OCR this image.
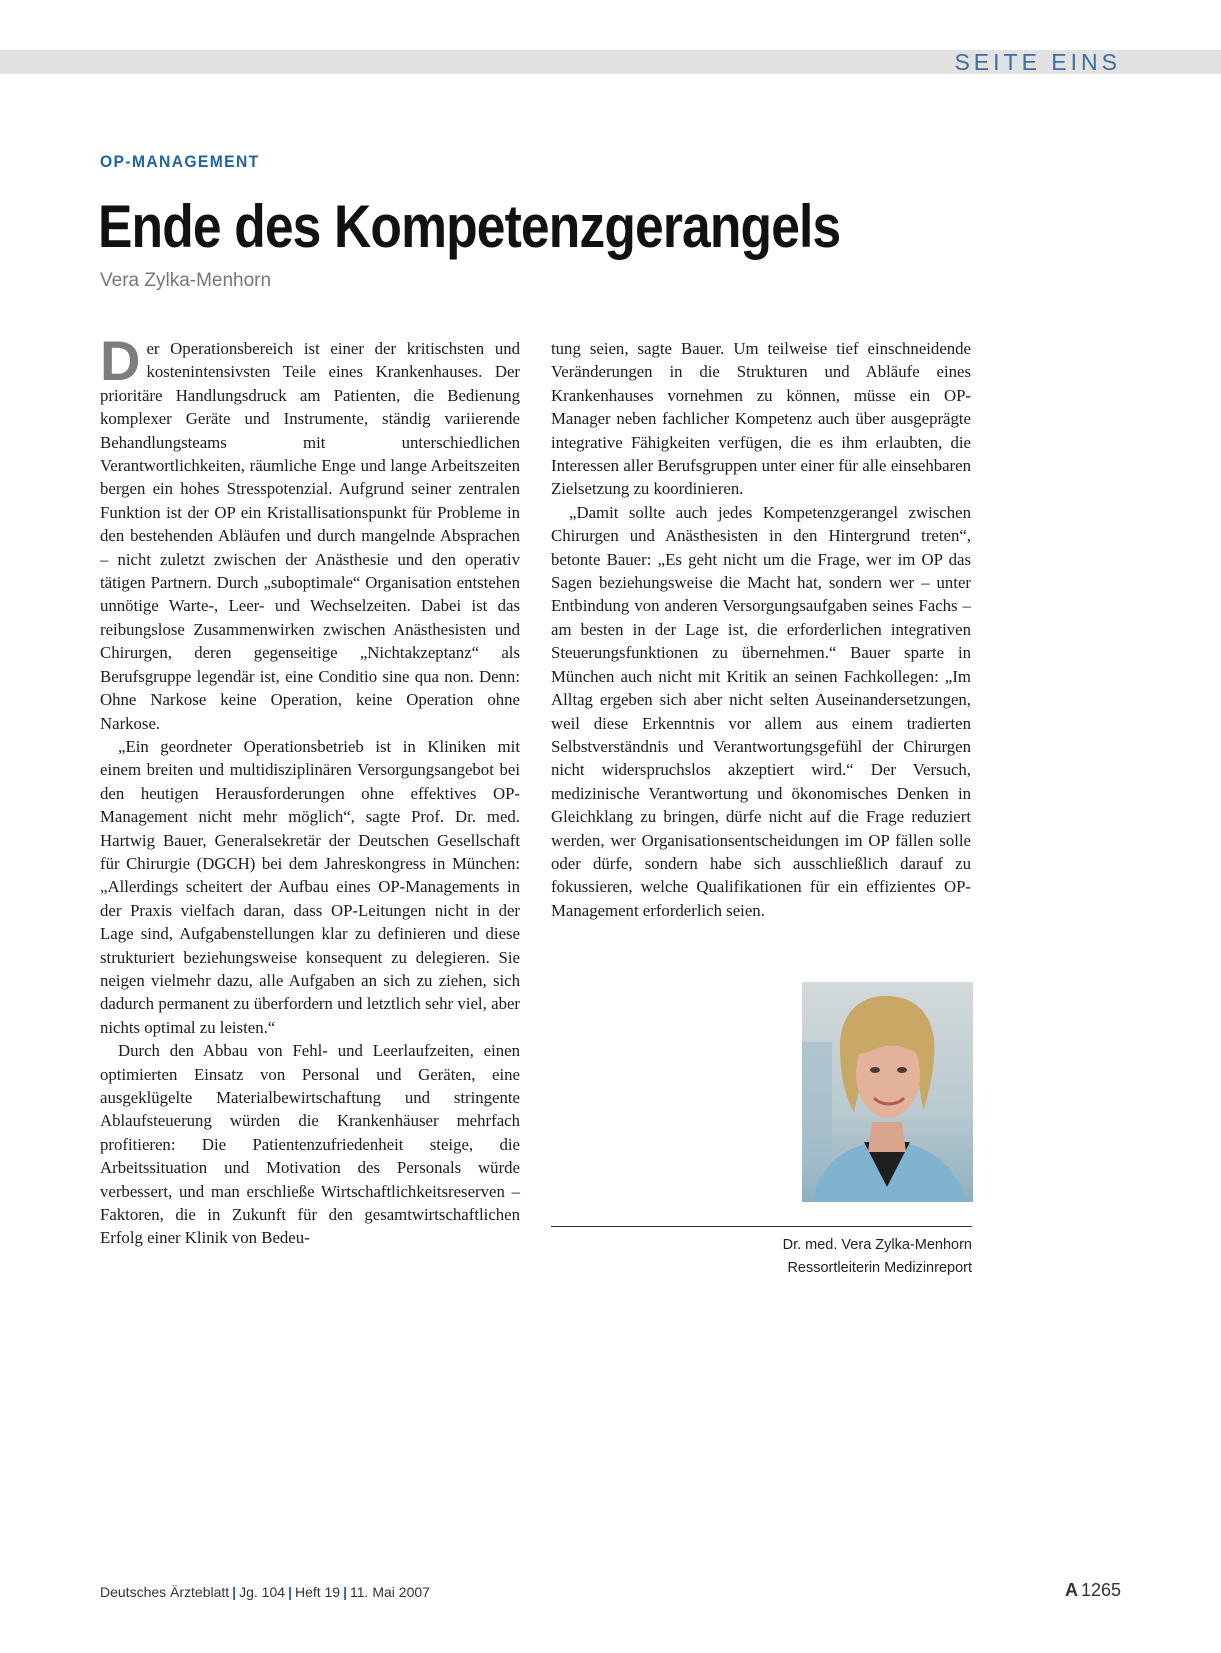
SEITE EINS
OP-MANAGEMENT
Ende des Kompetenzgerangels
Vera Zylka-Menhorn

Der Operationsbereich ist einer der kritischsten und kostenintensivsten Teile eines Krankenhauses. Der prioritäre Handlungsdruck am Patienten, die Bedienung komplexer Geräte und Instrumente, ständig variierende Behandlungsteams mit unterschiedlichen Verantwortlichkeiten, räumliche Enge und lange Arbeitszeiten bergen ein hohes Stresspotenzial. Aufgrund seiner zentralen Funktion ist der OP ein Kristallisationspunkt für Probleme in den bestehenden Abläufen und durch mangelnde Absprachen – nicht zuletzt zwischen der Anästhesie und den operativ tätigen Partnern. Durch „suboptimale“ Organisation entstehen unnötige Warte-, Leer- und Wechselzeiten. Dabei ist das reibungslose Zusammenwirken zwischen Anästhesisten und Chirurgen, deren gegenseitige „Nichtakzeptanz“ als Berufsgruppe legendär ist, eine Conditio sine qua non. Denn: Ohne Narkose keine Operation, keine Operation ohne Narkose.

„Ein geordneter Operationsbetrieb ist in Kliniken mit einem breiten und multidisziplinären Versorgungsangebot bei den heutigen Herausforderungen ohne effektives OP-Management nicht mehr möglich“, sagte Prof. Dr. med. Hartwig Bauer, Generalsekretär der Deutschen Gesellschaft für Chirurgie (DGCH) bei dem Jahreskongress in München: „Allerdings scheitert der Aufbau eines OP-Managements in der Praxis vielfach daran, dass OP-Leitungen nicht in der Lage sind, Aufgabenstellungen klar zu definieren und diese strukturiert beziehungsweise konsequent zu delegieren. Sie neigen vielmehr dazu, alle Aufgaben an sich zu ziehen, sich dadurch permanent zu überfordern und letztlich sehr viel, aber nichts optimal zu leisten.“

Durch den Abbau von Fehl- und Leerlaufzeiten, einen optimierten Einsatz von Personal und Geräten, eine ausgeklügelte Materialbewirtschaftung und stringente Ablaufsteuerung würden die Krankenhäuser mehrfach profitieren: Die Patientenzufriedenheit steige, die Arbeitssituation und Motivation des Personals würde verbessert, und man erschließe Wirtschaftlichkeitsreserven – Faktoren, die in Zukunft für den gesamtwirtschaftlichen Erfolg einer Klinik von Bedeu-

tung seien, sagte Bauer. Um teilweise tief einschneidende Veränderungen in die Strukturen und Abläufe eines Krankenhauses vornehmen zu können, müsse ein OP-Manager neben fachlicher Kompetenz auch über ausgeprägte integrative Fähigkeiten verfügen, die es ihm erlaubten, die Interessen aller Berufsgruppen unter einer für alle einsehbaren Zielsetzung zu koordinieren.

„Damit sollte auch jedes Kompetenzgerangel zwischen Chirurgen und Anästhesisten in den Hintergrund treten“, betonte Bauer: „Es geht nicht um die Frage, wer im OP das Sagen beziehungsweise die Macht hat, sondern wer – unter Entbindung von anderen Versorgungsaufgaben seines Fachs – am besten in der Lage ist, die erforderlichen integrativen Steuerungsfunktionen zu übernehmen.“ Bauer sparte in München auch nicht mit Kritik an seinen Fachkollegen: „Im Alltag ergeben sich aber nicht selten Auseinandersetzungen, weil diese Erkenntnis vor allem aus einem tradierten Selbstverständnis und Verantwortungsgefühl der Chirurgen nicht widerspruchslos akzeptiert wird.“ Der Versuch, medizinische Verantwortung und ökonomisches Denken in Gleichklang zu bringen, dürfe nicht auf die Frage reduziert werden, wer Organisationsentscheidungen im OP fällen solle oder dürfe, sondern habe sich ausschließlich darauf zu fokussieren, welche Qualifikationen für ein effizientes OP-Management erforderlich seien.

Dr. med. Vera Zylka-Menhorn
Ressortleiterin Medizinreport
Deutsches Ärzteblatt | Jg. 104 | Heft 19 | 11. Mai 2007	A 1265
